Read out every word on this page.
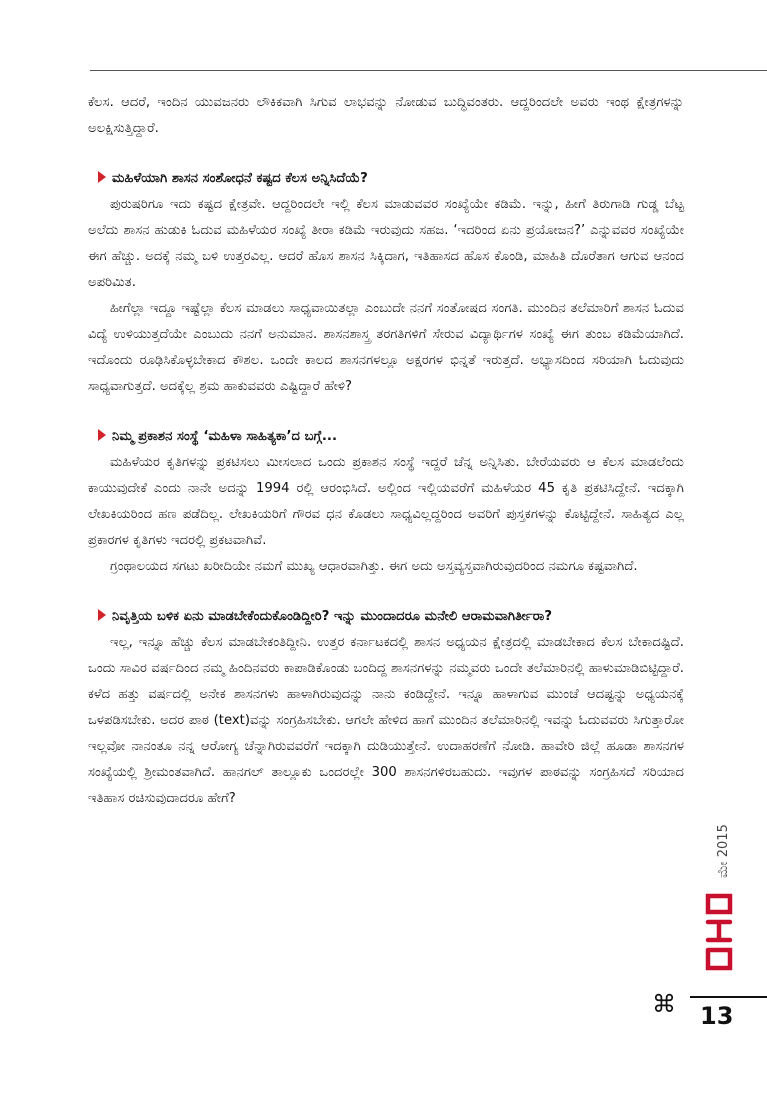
ಕೆಲಸ. ಆದರೆ, ಇಂದಿನ ಯುವಜನರು ಲೌಕಿಕವಾಗಿ ಸಿಗುವ ಲಾಭವನ್ನು ನೋಡುವ ಬುದ್ಧಿವಂತರು. ಆದ್ದರಿಂದಲೇ ಅವರು ಇಂಥ ಕ್ಷೇತ್ರಗಳನ್ನು ಅಲಕ್ಷಿಸುತ್ತಿದ್ದಾರೆ.

ಮಹಿಳೆಯಾಗಿ ಶಾಸನ ಸಂಶೋಧನೆ ಕಷ್ಟದ ಕೆಲಸ ಅನ್ನಿಸಿದೆಯೆ?

ಪುರುಷರಿಗೂ ಇದು ಕಷ್ಟದ ಕ್ಷೇತ್ರವೇ. ಆದ್ದರಿಂದಲೇ ಇಲ್ಲಿ ಕೆಲಸ ಮಾಡುವವರ ಸಂಖ್ಯೆಯೇ ಕಡಿಮೆ. ಇನ್ನು, ಹೀಗೆ ತಿರುಗಾಡಿ ಗುಡ್ಡ ಬೆಟ್ಟ ಅಲೆದು ಶಾಸನ ಹುಡುಕಿ ಓದುವ ಮಹಿಳೆಯರ ಸಂಖ್ಯೆ ತೀರಾ ಕಡಿಮೆ ಇರುವುದು ಸಹಜ. ‘ಇದರಿಂದ ಏನು ಪ್ರಯೋಜನ?’ ಎನ್ನುವವರ ಸಂಖ್ಯೆಯೇ ಈಗ ಹೆಚ್ಚು. ಅದಕ್ಕೆ ನಮ್ಮ ಬಳಿ ಉತ್ತರವಿಲ್ಲ. ಆದರೆ ಹೊಸ ಶಾಸನ ಸಿಕ್ಕಿದಾಗ, ಇತಿಹಾಸದ ಹೊಸ ಕೊಂಡಿ, ಮಾಹಿತಿ ದೊರೆತಾಗ ಆಗುವ ಆನಂದ ಅಪರಿಮಿತ.

ಹೀಗೆಲ್ಲಾ ಇದ್ದೂ ಇಷ್ಟೆಲ್ಲಾ ಕೆಲಸ ಮಾಡಲು ಸಾಧ್ಯವಾಯಿತಲ್ಲಾ ಎಂಬುದೇ ನನಗೆ ಸಂತೋಷದ ಸಂಗತಿ. ಮುಂದಿನ ತಲೆಮಾರಿಗೆ ಶಾಸನ ಓದುವ ವಿದ್ಯೆ ಉಳಿಯುತ್ತದೆಯೇ ಎಂಬುದು ನನಗೆ ಅನುಮಾನ. ಶಾಸನಶಾಸ್ತ್ರ ತರಗತಿಗಳಿಗೆ ಸೇರುವ ವಿದ್ಯಾರ್ಥಿಗಳ ಸಂಖ್ಯೆ ಈಗ ತುಂಬ ಕಡಿಮೆಯಾಗಿದೆ. ಇದೊಂದು ರೂಢಿಸಿಕೊಳ್ಳಬೇಕಾದ ಕೌಶಲ. ಒಂದೇ ಕಾಲದ ಶಾಸನಗಳಲ್ಲೂ ಅಕ್ಷರಗಳ ಭಿನ್ನತೆ ಇರುತ್ತದೆ. ಅಭ್ಯಾಸದಿಂದ ಸರಿಯಾಗಿ ಓದುವುದು ಸಾಧ್ಯವಾಗುತ್ತದೆ. ಅದಕ್ಕೆಲ್ಲ ಶ್ರಮ ಹಾಕುವವರು ಎಷ್ಟಿದ್ದಾರೆ ಹೇಳಿ?

ನಿಮ್ಮ ಪ್ರಕಾಶನ ಸಂಸ್ಥೆ ‘ಮಹಿಳಾ ಸಾಹಿತ್ಯಕಾ’ದ ಬಗ್ಗೆ...

ಮಹಿಳೆಯರ ಕೃತಿಗಳನ್ನು ಪ್ರಕಟಿಸಲು ಮೀಸಲಾದ ಒಂದು ಪ್ರಕಾಶನ ಸಂಸ್ಥೆ ಇದ್ದರೆ ಚೆನ್ನ ಅನ್ನಿಸಿತು. ಬೇರೆಯವರು ಆ ಕೆಲಸ ಮಾಡಲೆಂದು ಕಾಯುವುದೇಕೆ ಎಂದು ನಾನೇ ಅದನ್ನು 1994 ರಲ್ಲಿ ಆರಂಭಿಸಿದೆ. ಅಲ್ಲಿಂದ ಇಲ್ಲಿಯವರೆಗೆ ಮಹಿಳೆಯರ 45 ಕೃತಿ ಪ್ರಕಟಿಸಿದ್ದೇನೆ. ಇದಕ್ಕಾಗಿ ಲೇಖಕಿಯರಿಂದ ಹಣ ಪಡೆದಿಲ್ಲ. ಲೇಖಕಿಯರಿಗೆ ಗೌರವ ಧನ ಕೊಡಲು ಸಾಧ್ಯವಿಲ್ಲದ್ದರಿಂದ ಅವರಿಗೆ ಪುಸ್ತಕಗಳನ್ನು ಕೊಟ್ಟಿದ್ದೇನೆ. ಸಾಹಿತ್ಯದ ಎಲ್ಲ ಪ್ರಕಾರಗಳ ಕೃತಿಗಳು ಇದರಲ್ಲಿ ಪ್ರಕಟವಾಗಿವೆ.

ಗ್ರಂಥಾಲಯದ ಸಗಟು ಖರೀದಿಯೇ ನಮಗೆ ಮುಖ್ಯ ಆಧಾರವಾಗಿತ್ತು. ಈಗ ಅದು ಅಸ್ತವ್ಯಸ್ತವಾಗಿರುವುದರಿಂದ ನಮಗೂ ಕಷ್ಟವಾಗಿದೆ.

ನಿವೃತ್ತಿಯ ಬಳಿಕ ಏನು ಮಾಡಬೇಕೆಂದುಕೊಂಡಿದ್ದೀರಿ? ಇನ್ನು ಮುಂದಾದರೂ ಮನೇಲಿ ಆರಾಮವಾಗಿರ್ತೀರಾ?

ಇಲ್ಲ, ಇನ್ನೂ ಹೆಚ್ಚು ಕೆಲಸ ಮಾಡಬೇಕಂತಿದ್ದೀನಿ. ಉತ್ತರ ಕರ್ನಾಟಕದಲ್ಲಿ ಶಾಸನ ಅಧ್ಯಯನ ಕ್ಷೇತ್ರದಲ್ಲಿ ಮಾಡಬೇಕಾದ ಕೆಲಸ ಬೇಕಾದಷ್ಟಿದೆ. ಒಂದು ಸಾವಿರ ವರ್ಷದಿಂದ ನಮ್ಮ ಹಿಂದಿನವರು ಕಾಪಾಡಿಕೊಂಡು ಬಂದಿದ್ದ ಶಾಸನಗಳನ್ನು ನಮ್ಮವರು ಒಂದೇ ತಲೆಮಾರಿನಲ್ಲಿ ಹಾಳುಮಾಡಿಬಿಟ್ಟಿದ್ದಾರೆ. ಕಳೆದ ಹತ್ತು ವರ್ಷದಲ್ಲಿ ಅನೇಕ ಶಾಸನಗಳು ಹಾಳಾಗಿರುವುದನ್ನು ನಾನು ಕಂಡಿದ್ದೇನೆ. ಇನ್ನೂ ಹಾಳಾಗುವ ಮುಂಚೆ ಆದಷ್ಟನ್ನು ಅಧ್ಯಯನಕ್ಕೆ ಒಳಪಡಿಸಬೇಕು. ಅದರ ಪಾಠ (text)ವನ್ನು ಸಂಗ್ರಹಿಸಬೇಕು. ಆಗಲೇ ಹೇಳಿದ ಹಾಗೆ ಮುಂದಿನ ತಲೆಮಾರಿನಲ್ಲಿ ಇವನ್ನು ಓದುವವರು ಸಿಗುತ್ತಾರೋ ಇಲ್ಲವೋ ನಾನಂತೂ ನನ್ನ ಆರೋಗ್ಯ ಚೆನ್ನಾಗಿರುವವರೆಗೆ ಇದಕ್ಕಾಗಿ ದುಡಿಯುತ್ತೇನೆ. ಉದಾಹರಣೆಗೆ ನೋಡಿ. ಹಾವೇರಿ ಜಿಲ್ಲೆ ಹೂಡಾ ಶಾಸನಗಳ ಸಂಖ್ಯೆಯಲ್ಲಿ ಶ್ರೀಮಂತವಾಗಿದೆ. ಹಾನಗಲ್ ತಾಲ್ಲೂಕು ಒಂದರಲ್ಲೇ 300 ಶಾಸನಗಳಿರಬಹುದು. ಇವುಗಳ ಪಾಠವನ್ನು ಸಂಗ್ರಹಿಸದೆ ಸರಿಯಾದ ಇತಿಹಾಸ ರಚಿಸುವುದಾದರೂ ಹೇಗೆ?

ಮೇ 2015
⌘ 13
